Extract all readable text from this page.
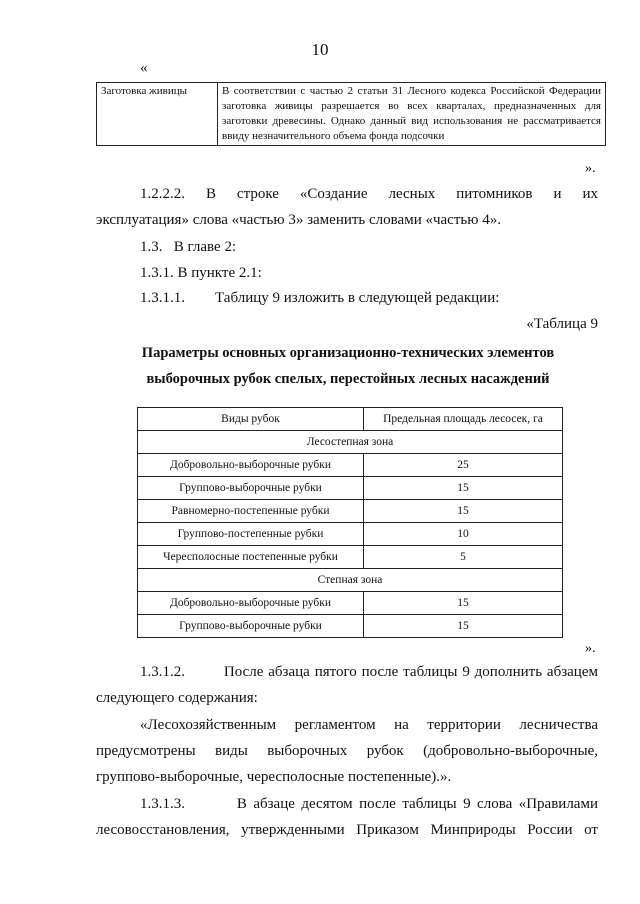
10
«
Заготовка живицы	В соответствии с частью 2 статьи 31 Лесного кодекса Российской Федерации заготовка живицы разрешается во всех кварталах, предназначенных для заготовки древесины. Однако данный вид использования не рассматривается ввиду незначительного объема фонда подсочки
».
1.2.2.2.     В     строке     «Создание     лесных     питомников     и     их
эксплуатация» слова «частью 3» заменить словами «частью 4».
1.3.   В главе 2:
1.3.1. В пункте 2.1:
1.3.1.1.        Таблицу 9 изложить в следующей редакции:
«Таблица 9
Параметры основных организационно-технических элементов
выборочных рубок спелых, перестойных лесных насаждений
Виды рубок	Предельная площадь лесосек, га
Лесостепная зона	
Добровольно-выборочные рубки	25
Группово-выборочные рубки	15
Равномерно-постепенные рубки	15
Группово-постепенные рубки	10
Чересполосные постепенные рубки	5
Степная зона	
Добровольно-выборочные рубки	15
Группово-выборочные рубки	15
».
1.3.1.2.        После абзаца пятого после таблицы 9 дополнить абзацем
следующего содержания:
«Лесохозяйственным регламентом на территории лесничества
предусмотрены виды выборочных рубок (добровольно-выборочные,
группово-выборочные, чересполосные постепенные).».
1.3.1.3.        В абзаце десятом после таблицы 9 слова «Правилами
лесовосстановления, утвержденными Приказом Минприроды России от
